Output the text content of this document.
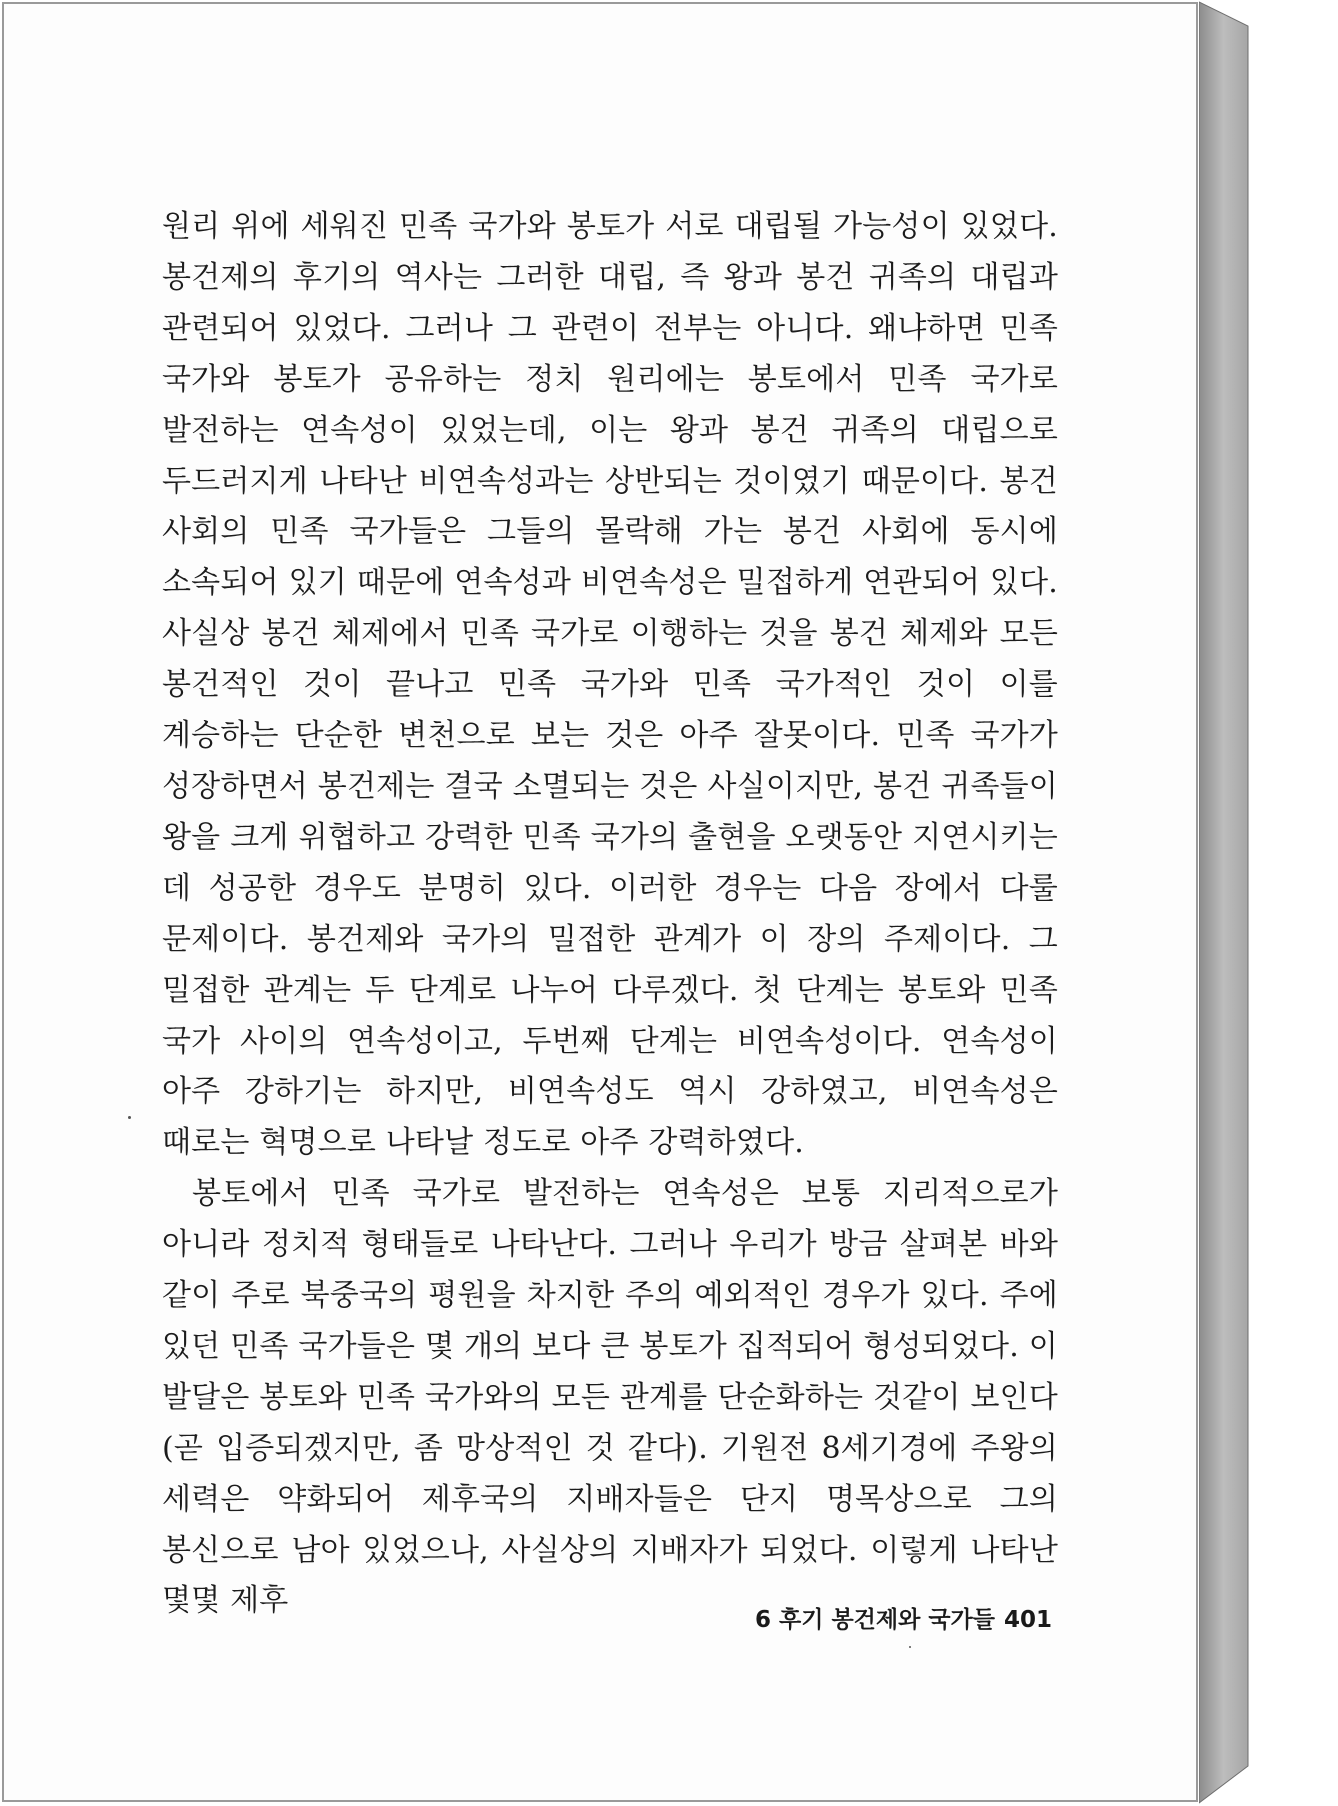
원리 위에 세워진 민족 국가와 봉토가 서로 대립될 가능성이 있었다. 봉건제의 후기의 역사는 그러한 대립, 즉 왕과 봉건 귀족의 대립과 관련되어 있었다. 그러나 그 관련이 전부는 아니다. 왜냐하면 민족 국가와 봉토가 공유하는 정치 원리에는 봉토에서 민족 국가로 발전하는 연속성이 있었는데, 이는 왕과 봉건 귀족의 대립으로 두드러지게 나타난 비연속성과는 상반되는 것이였기 때문이다. 봉건 사회의 민족 국가들은 그들의 몰락해 가는 봉건 사회에 동시에 소속되어 있기 때문에 연속성과 비연속성은 밀접하게 연관되어 있다. 사실상 봉건 체제에서 민족 국가로 이행하는 것을 봉건 체제와 모든 봉건적인 것이 끝나고 민족 국가와 민족 국가적인 것이 이를 계승하는 단순한 변천으로 보는 것은 아주 잘못이다. 민족 국가가 성장하면서 봉건제는 결국 소멸되는 것은 사실이지만, 봉건 귀족들이 왕을 크게 위협하고 강력한 민족 국가의 출현을 오랫동안 지연시키는 데 성공한 경우도 분명히 있다. 이러한 경우는 다음 장에서 다룰 문제이다. 봉건제와 국가의 밀접한 관계가 이 장의 주제이다. 그 밀접한 관계는 두 단계로 나누어 다루겠다. 첫 단계는 봉토와 민족 국가 사이의 연속성이고, 두번째 단계는 비연속성이다. 연속성이 아주 강하기는 하지만, 비연속성도 역시 강하였고, 비연속성은 때로는 혁명으로 나타날 정도로 아주 강력하였다.

봉토에서 민족 국가로 발전하는 연속성은 보통 지리적으로가 아니라 정치적 형태들로 나타난다. 그러나 우리가 방금 살펴본 바와 같이 주로 북중국의 평원을 차지한 주의 예외적인 경우가 있다. 주에 있던 민족 국가들은 몇 개의 보다 큰 봉토가 집적되어 형성되었다. 이 발달은 봉토와 민족 국가와의 모든 관계를 단순화하는 것같이 보인다(곧 입증되겠지만, 좀 망상적인 것 같다). 기원전 8세기경에 주왕의 세력은 약화되어 제후국의 지배자들은 단지 명목상으로 그의 봉신으로 남아 있었으나, 사실상의 지배자가 되었다. 이렇게 나타난 몇몇 제후

6 후기 봉건제와 국가들 401
